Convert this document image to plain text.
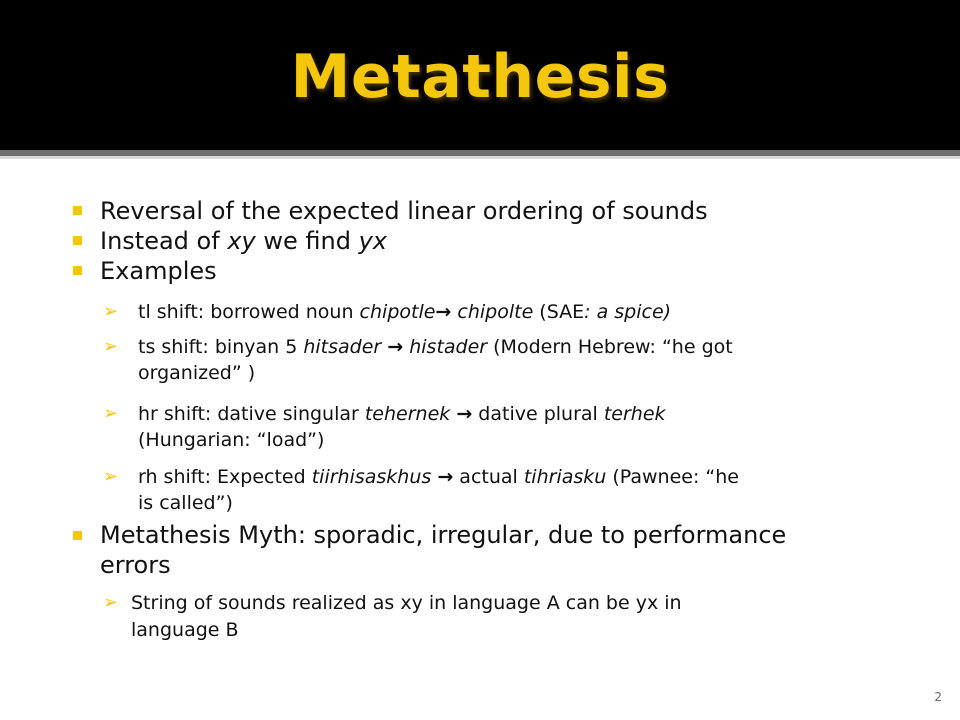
Metathesis
Reversal of the expected linear ordering of sounds
Instead of xy we find yx
Examples
➢ tl shift: borrowed noun chipotle→ chipolte (SAE: a spice)
➢ ts shift: binyan 5 hitsader → histader (Modern Hebrew: “he got
organized” )
➢ hr shift: dative singular tehernek → dative plural terhek
(Hungarian: “load”)
➢ rh shift: Expected tiirhisaskhus → actual tihriasku (Pawnee: “he
is called”)
Metathesis Myth: sporadic, irregular, due to performance
errors
➢ String of sounds realized as xy in language A can be yx in
language B
2
